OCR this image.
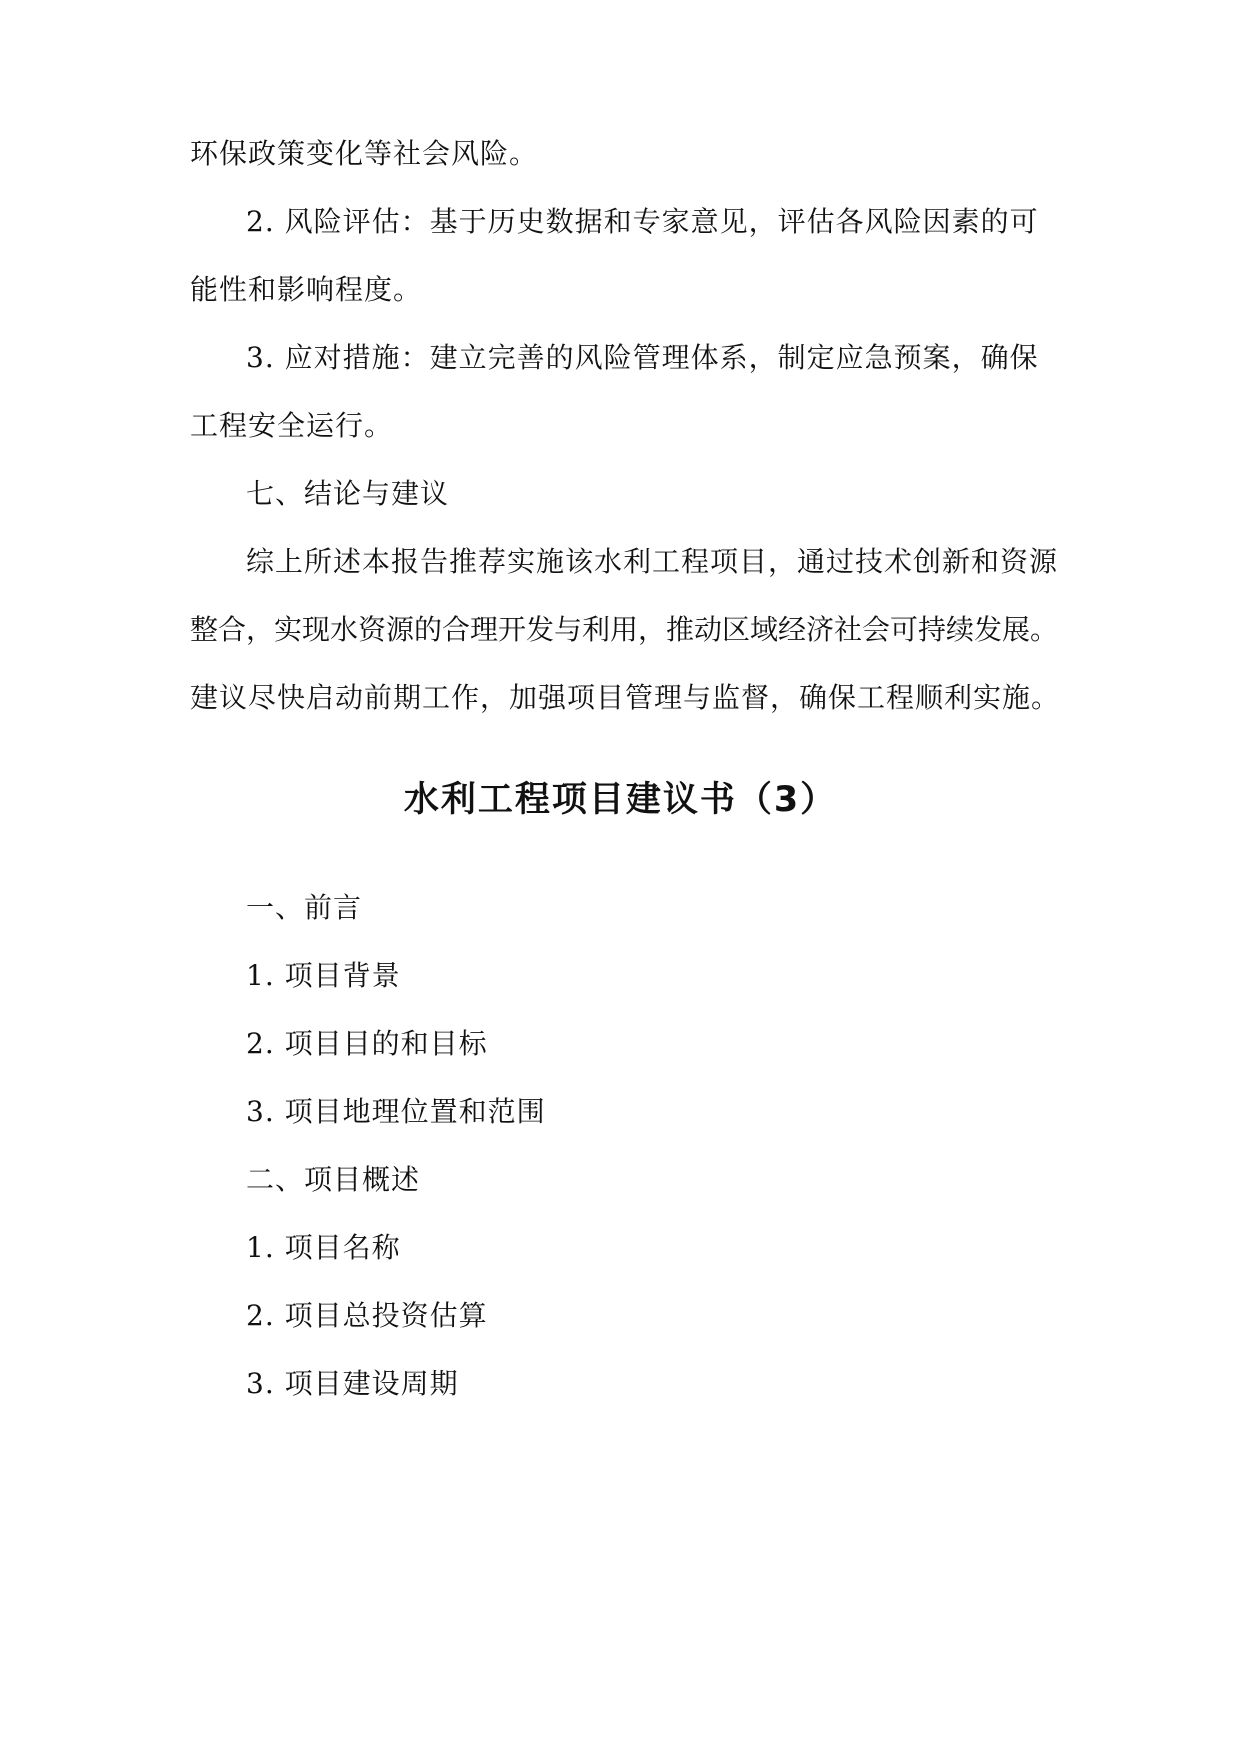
环保政策变化等社会风险。
2. 风险评估：基于历史数据和专家意见，评估各风险因素的可
能性和影响程度。
3. 应对措施：建立完善的风险管理体系，制定应急预案，确保
工程安全运行。
七、结论与建议
综上所述本报告推荐实施该水利工程项目，通过技术创新和资源
整合，实现水资源的合理开发与利用，推动区域经济社会可持续发展。
建议尽快启动前期工作，加强项目管理与监督，确保工程顺利实施。
水利工程项目建议书（3）
一、前言
1. 项目背景
2. 项目目的和目标
3. 项目地理位置和范围
二、项目概述
1. 项目名称
2. 项目总投资估算
3. 项目建设周期
